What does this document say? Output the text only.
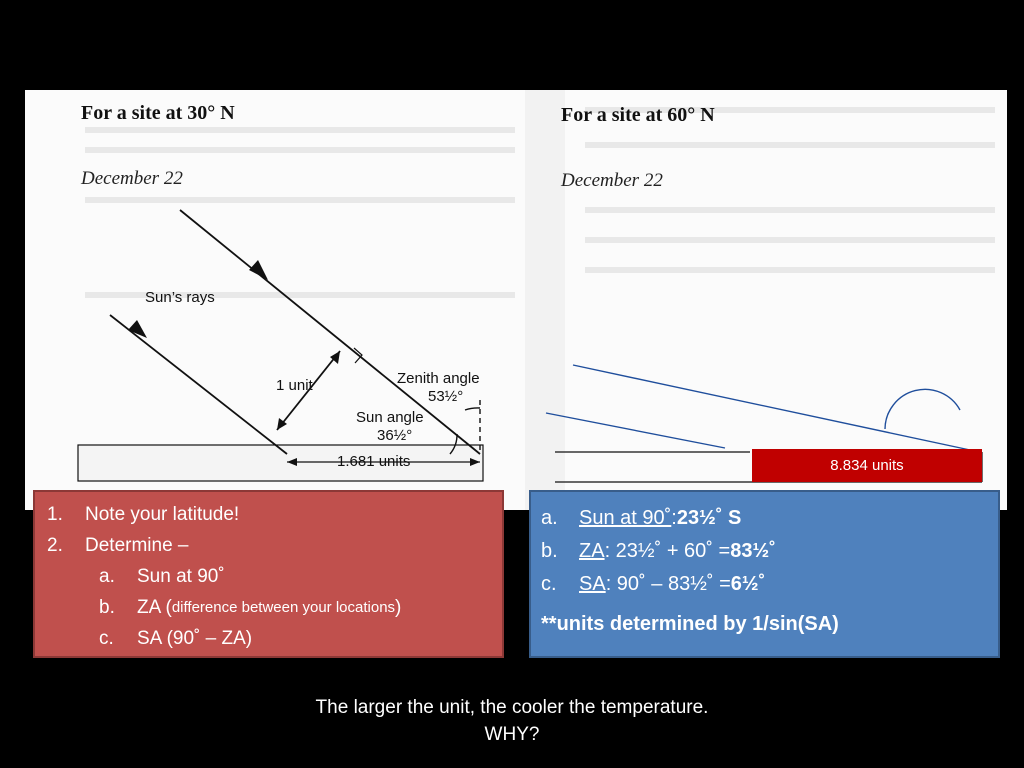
Sun’s rays
1 unit	Zenith angle
53½°
Sun angle
36½°
1.681 units
For a site at 30° N
December 22
For a site at 60° N
December 22
8.834 units
1.	Note your latitude!
2.	Determine –
a.	Sun at 90˚
b.	ZA ( difference between your locations )
c.	SA (90˚ – ZA)
a.	Sun at 90˚ : 23½˚ S
b.	ZA : 23½˚ + 60˚ = 83½˚
c.	SA : 90˚ – 83½˚ = 6½˚
**units determined by 1/sin(SA)
The larger the unit, the cooler the temperature.
WHY?
